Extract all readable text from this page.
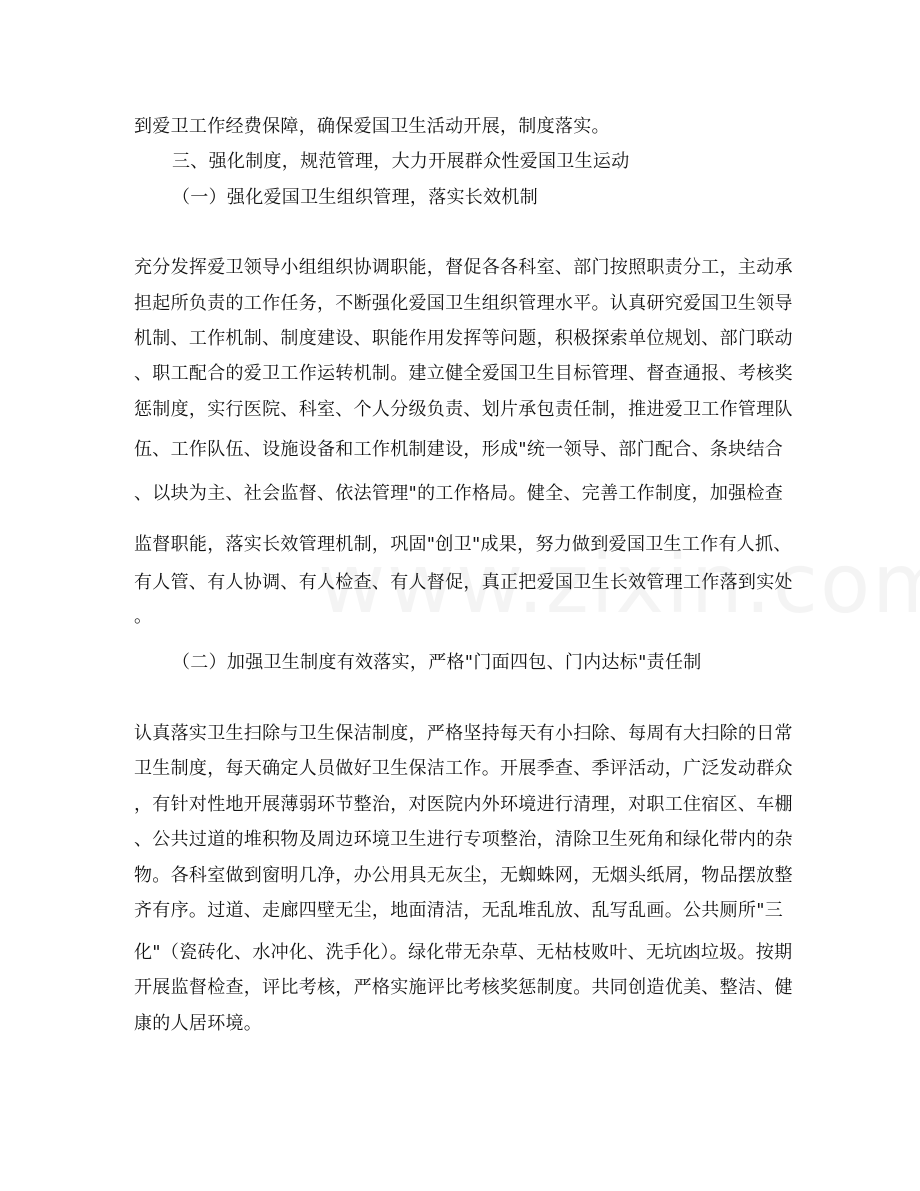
到爱卫工作经费保障，确保爱国卫生活动开展，制度落实。
三、强化制度，规范管理，大力开展群众性爱国卫生运动
（一）强化爱国卫生组织管理，落实长效机制
充分发挥爱卫领导小组组织协调职能，督促各各科室、部门按照职责分工，主动承
担起所负责的工作任务，不断强化爱国卫生组织管理水平。认真研究爱国卫生领导
机制、工作机制、制度建设、职能作用发挥等问题，积极探索单位规划、部门联动
、职工配合的爱卫工作运转机制。建立健全爱国卫生目标管理、督查通报、考核奖
惩制度，实行医院、科室、个人分级负责、划片承包责任制，推进爱卫工作管理队
伍、工作队伍、设施设备和工作机制建设，形成"统一领导、部门配合、条块结合
、以块为主、社会监督、依法管理"的工作格局。健全、完善工作制度，加强检查
监督职能，落实长效管理机制，巩固"创卫"成果，努力做到爱国卫生工作有人抓、
有人管、有人协调、有人检查、有人督促，真正把爱国卫生长效管理工作落到实处
。
（二）加强卫生制度有效落实，严格"门面四包、门内达标"责任制
认真落实卫生扫除与卫生保洁制度，严格坚持每天有小扫除、每周有大扫除的日常
卫生制度，每天确定人员做好卫生保洁工作。开展季查、季评活动，广泛发动群众
，有针对性地开展薄弱环节整治，对医院内外环境进行清理，对职工住宿区、车棚
、公共过道的堆积物及周边环境卫生进行专项整治，清除卫生死角和绿化带内的杂
物。各科室做到窗明几净，办公用具无灰尘，无蜘蛛网，无烟头纸屑，物品摆放整
齐有序。过道、走廊四壁无尘，地面清洁，无乱堆乱放、乱写乱画。公共厕所"三
化"（瓷砖化、水冲化、洗手化）。绿化带无杂草、无枯枝败叶、无坑凼垃圾。按期
开展监督检查，评比考核，严格实施评比考核奖惩制度。共同创造优美、整洁、健
康的人居环境。
